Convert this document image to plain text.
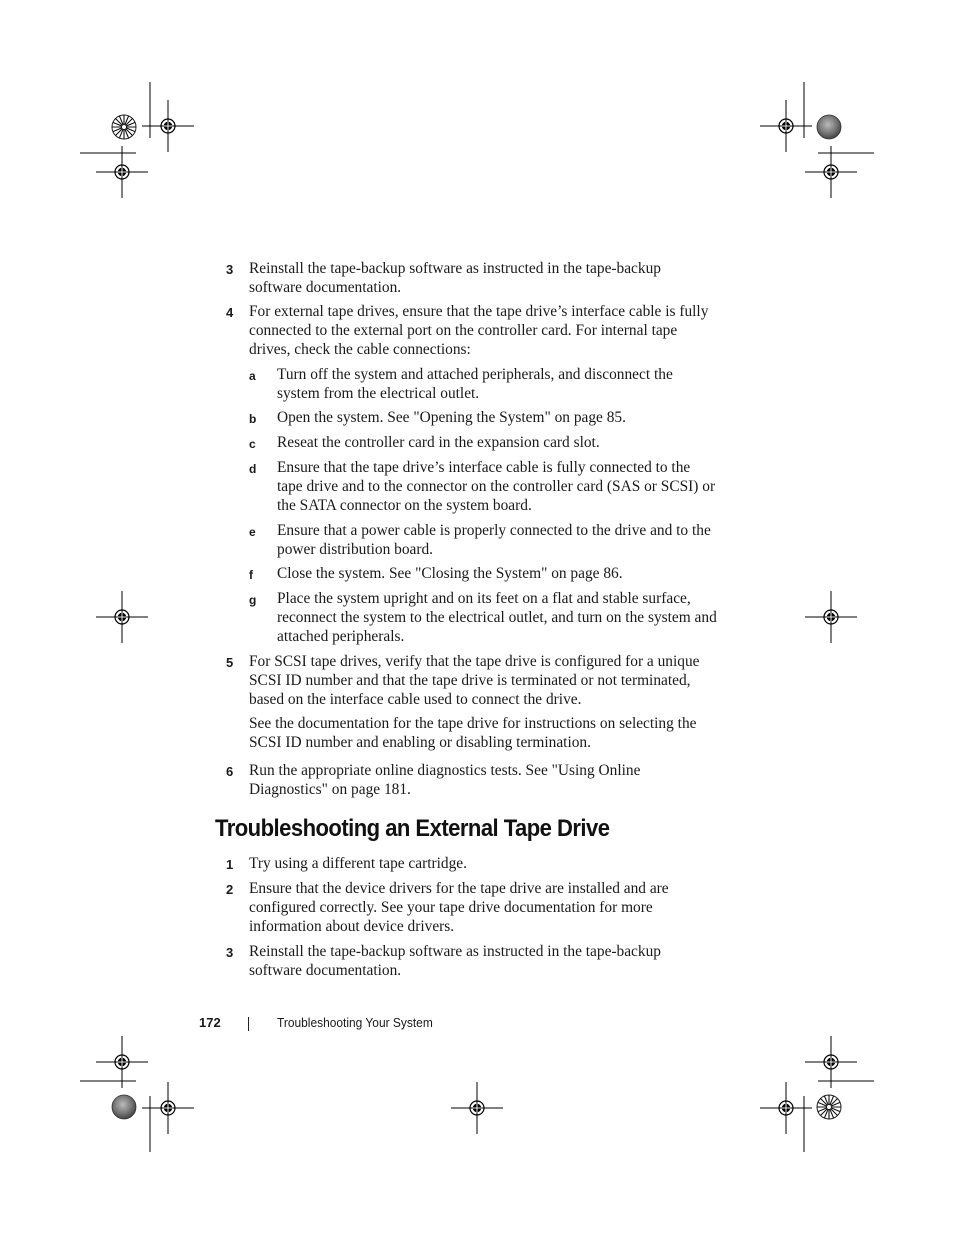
3 Reinstall the tape-backup software as instructed in the tape-backup software documentation.
4 For external tape drives, ensure that the tape drive’s interface cable is fully connected to the external port on the controller card. For internal tape drives, check the cable connections:
a Turn off the system and attached peripherals, and disconnect the system from the electrical outlet.
b Open the system. See "Opening the System" on page 85.
c Reseat the controller card in the expansion card slot.
d Ensure that the tape drive’s interface cable is fully connected to the tape drive and to the connector on the controller card (SAS or SCSI) or the SATA connector on the system board.
e Ensure that a power cable is properly connected to the drive and to the power distribution board.
f Close the system. See "Closing the System" on page 86.
g Place the system upright and on its feet on a flat and stable surface, reconnect the system to the electrical outlet, and turn on the system and attached peripherals.
5 For SCSI tape drives, verify that the tape drive is configured for a unique SCSI ID number and that the tape drive is terminated or not terminated, based on the interface cable used to connect the drive.
See the documentation for the tape drive for instructions on selecting the SCSI ID number and enabling or disabling termination.
6 Run the appropriate online diagnostics tests. See "Using Online Diagnostics" on page 181.
Troubleshooting an External Tape Drive
1 Try using a different tape cartridge.
2 Ensure that the device drivers for the tape drive are installed and are configured correctly. See your tape drive documentation for more information about device drivers.
3 Reinstall the tape-backup software as instructed in the tape-backup software documentation.
172	Troubleshooting Your System
